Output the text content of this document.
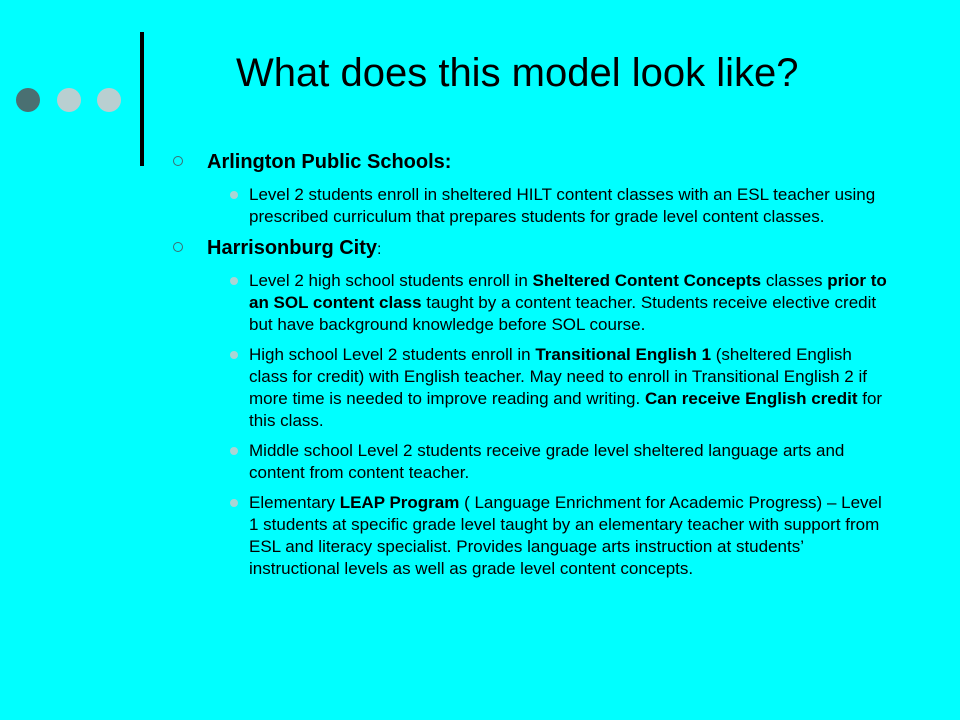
What does this model look like?
Arlington Public Schools:
Level 2 students enroll in sheltered HILT content classes with an ESL teacher using prescribed curriculum that prepares students for grade level content classes.
Harrisonburg City:
Level 2 high school students enroll in Sheltered Content Concepts classes prior to an SOL content class taught by a content teacher. Students receive elective credit but have background knowledge before SOL course.
High school Level 2 students enroll in Transitional English 1 (sheltered English class for credit) with English teacher. May need to enroll in Transitional English 2 if more time is needed to improve reading and writing. Can receive English credit for this class.
Middle school Level 2 students receive grade level sheltered language arts and content from content teacher.
Elementary LEAP Program ( Language Enrichment for Academic Progress) – Level 1 students at specific grade level taught by an elementary teacher with support from ESL and literacy specialist. Provides language arts instruction at students’ instructional levels as well as grade level content concepts.
